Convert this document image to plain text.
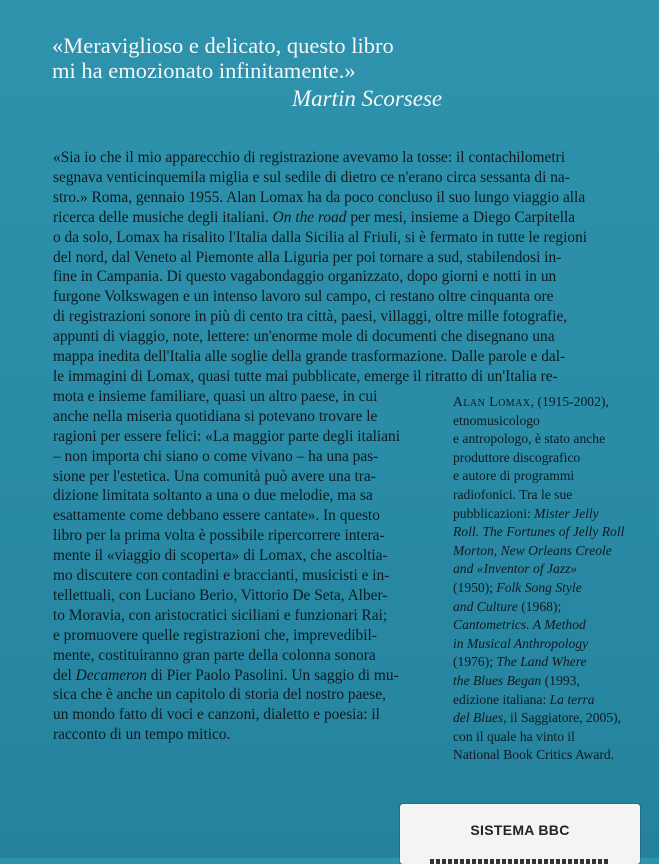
«Meraviglioso e delicato, questo libro
mi ha emozionato infinitamente.»
Martin Scorsese
«Sia io che il mio apparecchio di registrazione avevamo la tosse: il contachilometri
segnava venticinquemila miglia e sul sedile di dietro ce n'erano circa sessanta di na-
stro.» Roma, gennaio 1955. Alan Lomax ha da poco concluso il suo lungo viaggio alla
ricerca delle musiche degli italiani. On the road per mesi, insieme a Diego Carpitella
o da solo, Lomax ha risalito l'Italia dalla Sicilia al Friuli, si è fermato in tutte le regioni
del nord, dal Veneto al Piemonte alla Liguria per poi tornare a sud, stabilendosi in-
fine in Campania. Di questo vagabondaggio organizzato, dopo giorni e notti in un
furgone Volkswagen e un intenso lavoro sul campo, ci restano oltre cinquanta ore
di registrazioni sonore in più di cento tra città, paesi, villaggi, oltre mille fotografie,
appunti di viaggio, note, lettere: un'enorme mole di documenti che disegnano una
mappa inedita dell'Italia alle soglie della grande trasformazione. Dalle parole e dal-
le immagini di Lomax, quasi tutte mai pubblicate, emerge il ritratto di un'Italia re-
mota e insieme familiare, quasi un altro paese, in cui
anche nella miseria quotidiana si potevano trovare le
ragioni per essere felici: «La maggior parte degli italiani
– non importa chi siano o come vivano – ha una pas-
sione per l'estetica. Una comunità può avere una tra-
dizione limitata soltanto a una o due melodie, ma sa
esattamente come debbano essere cantate». In questo
libro per la prima volta è possibile ripercorrere intera-
mente il «viaggio di scoperta» di Lomax, che ascoltia-
mo discutere con contadini e braccianti, musicisti e in-
tellettuali, con Luciano Berio, Vittorio De Seta, Alber-
to Moravia, con aristocratici siciliani e funzionari Rai;
e promuovere quelle registrazioni che, imprevedibil-
mente, costituiranno gran parte della colonna sonora
del Decameron di Pier Paolo Pasolini. Un saggio di mu-
sica che è anche un capitolo di storia del nostro paese,
un mondo fatto di voci e canzoni, dialetto e poesia: il
racconto di un tempo mitico.
Alan Lomax, (1915-2002),
etnomusicologo
e antropologo, è stato anche
produttore discografico
e autore di programmi
radiofonici. Tra le sue
pubblicazioni: Mister Jelly
Roll. The Fortunes of Jelly Roll
Morton, New Orleans Creole
and «Inventor of Jazz»
(1950); Folk Song Style
and Culture (1968);
Cantometrics. A Method
in Musical Anthropology
(1976); The Land Where
the Blues Began (1993,
edizione italiana: La terra
del Blues, il Saggiatore, 2005),
con il quale ha vinto il
National Book Critics Award.
SISTEMA BBC
